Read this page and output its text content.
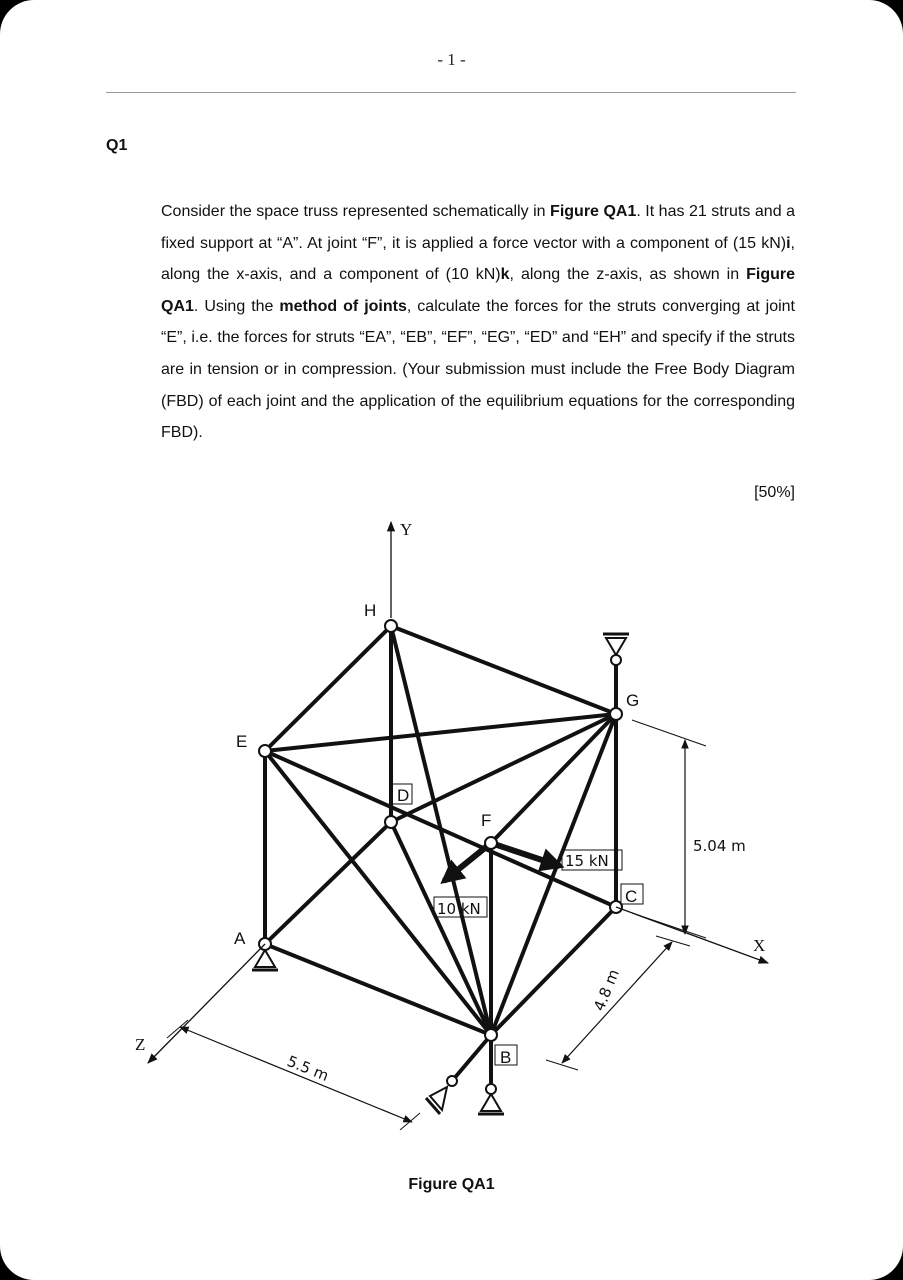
- 1 -
Q1

Consider the space truss represented schematically in Figure QA1. It has 21 struts and a fixed support at “A”. At joint “F”, it is applied a force vector with a component of (15 kN)i, along the x-axis, and a component of (10 kN)k, along the z-axis, as shown in Figure QA1. Using the method of joints, calculate the forces for the struts converging at joint “E”, i.e. the forces for struts “EA”, “EB”, “EF”, “EG”, “ED” and “EH” and specify if the struts are in tension or in compression. (Your submission must include the Free Body Diagram (FBD) of each joint and the application of the equilibrium equations for the corresponding FBD).

[50%]
H
E
G
D
F
A
C
B
15 kN
10 kN
Y
X
Z
5.04 m
5.5 m
4.8 m
Figure QA1
